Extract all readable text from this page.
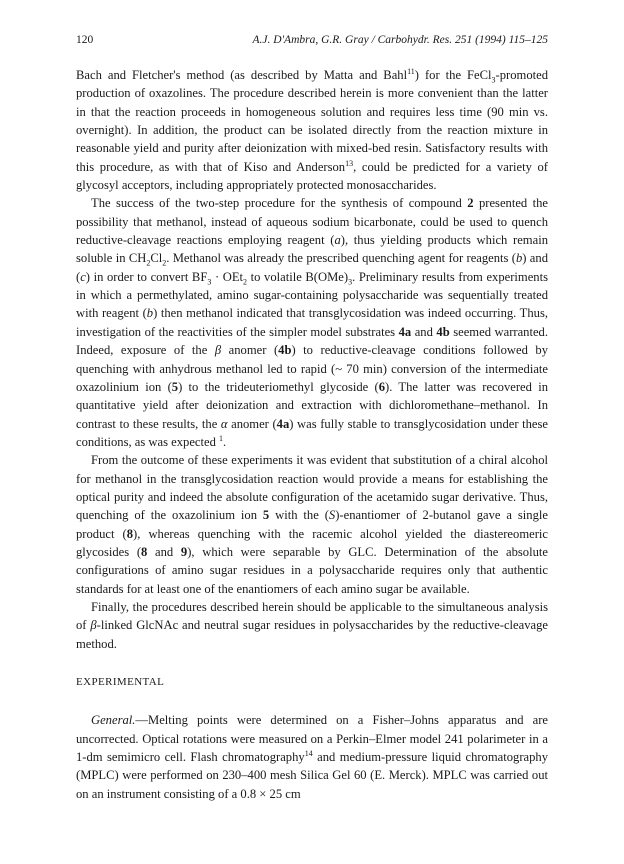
120	A.J. D'Ambra, G.R. Gray / Carbohydr. Res. 251 (1994) 115–125

Bach and Fletcher's method (as described by Matta and Bahl$^{11}$) for the FeCl$_3$-promoted production of oxazolines. The procedure described herein is more convenient than the latter in that the reaction proceeds in homogeneous solution and requires less time (90 min vs. overnight). In addition, the product can be isolated directly from the reaction mixture in reasonable yield and purity after deionization with mixed-bed resin. Satisfactory results with this procedure, as with that of Kiso and Anderson$^{13}$, could be predicted for a variety of glycosyl acceptors, including appropriately protected monosaccharides.

The success of the two-step procedure for the synthesis of compound 2 presented the possibility that methanol, instead of aqueous sodium bicarbonate, could be used to quench reductive-cleavage reactions employing reagent (a), thus yielding products which remain soluble in $CH_2Cl_2$. Methanol was already the prescribed quenching agent for reagents (b) and (c) in order to convert $BF_3 \cdot OEt_2$ to volatile $B(OMe)_3$. Preliminary results from experiments in which a permethylated, amino sugar-containing polysaccharide was sequentially treated with reagent (b) then methanol indicated that transglycosidation was indeed occurring. Thus, investigation of the reactivities of the simpler model substrates 4a and 4b seemed warranted. Indeed, exposure of the β anomer (4b) to reductive-cleavage conditions followed by quenching with anhydrous methanol led to rapid (~ 70 min) conversion of the intermediate oxazolinium ion (5) to the trideuteriomethyl glycoside (6). The latter was recovered in quantitative yield after deionization and extraction with dichloromethane–methanol. In contrast to these results, the α anomer (4a) was fully stable to transglycosidation under these conditions, as was expected $^1$.

From the outcome of these experiments it was evident that substitution of a chiral alcohol for methanol in the transglycosidation reaction would provide a means for establishing the optical purity and indeed the absolute configuration of the acetamido sugar derivative. Thus, quenching of the oxazolinium ion 5 with the (S)-enantiomer of 2-butanol gave a single product (8), whereas quenching with the racemic alcohol yielded the diastereomeric glycosides (8 and 9), which were separable by GLC. Determination of the absolute configurations of amino sugar residues in a polysaccharide requires only that authentic standards for at least one of the enantiomers of each amino sugar be available.

Finally, the procedures described herein should be applicable to the simultaneous analysis of β-linked GlcNAc and neutral sugar residues in polysaccharides by the reductive-cleavage method.

EXPERIMENTAL

General.—Melting points were determined on a Fisher–Johns apparatus and are uncorrected. Optical rotations were measured on a Perkin–Elmer model 241 polarimeter in a 1-dm semimicro cell. Flash chromatography$^{14}$ and medium-pressure liquid chromatography (MPLC) were performed on 230–400 mesh Silica Gel 60 (E. Merck). MPLC was carried out on an instrument consisting of a 0.8 × 25 cm
